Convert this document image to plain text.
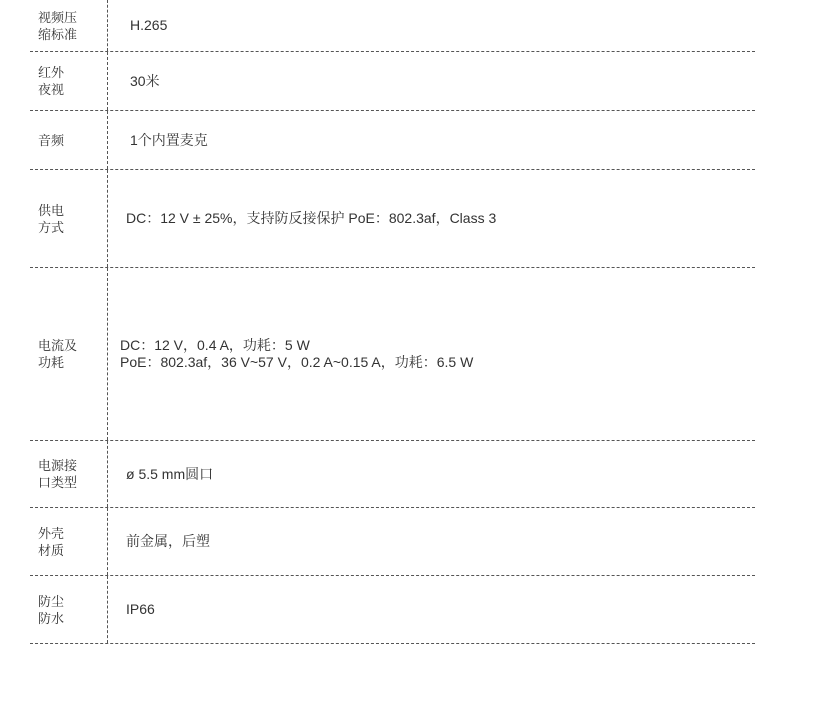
视频压
缩标准
H.265
红外
夜视
30米
音频	1个内置麦克
供电
方式
DC：12 V ± 25%，支持防反接保护 PoE：802.3af，Class 3
电流及
功耗
DC：12 V，0.4 A，功耗：5 W
PoE：802.3af，36 V~57 V，0.2 A~0.15 A，功耗：6.5 W
电源接
口类型
ø 5.5 mm圆口
外壳
材质
前金属，后塑
防尘
防水
IP66
